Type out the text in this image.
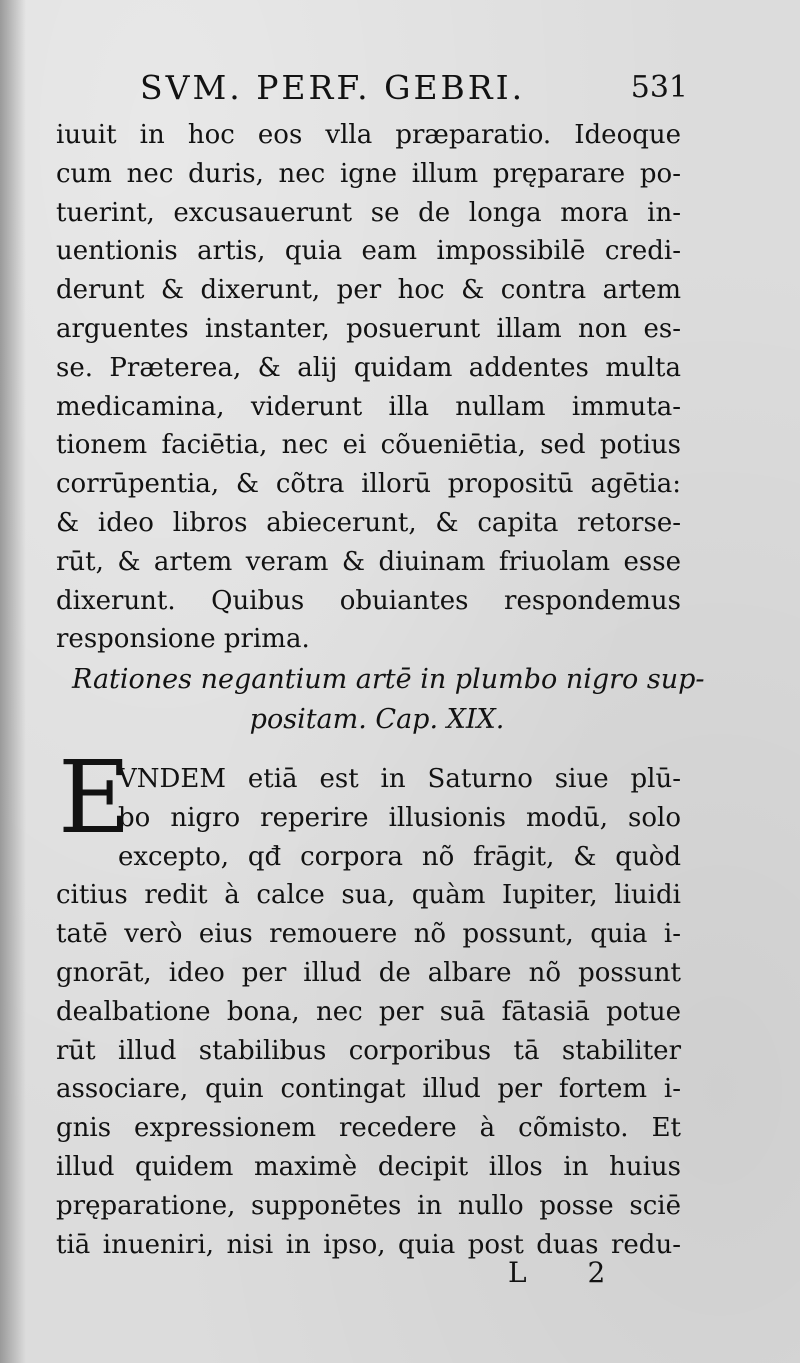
SVM. PERF. GEBRI.	531
iuuit in hoc eos vlla præparatio. Ideoque
cum nec duris, nec igne illum pręparare po-
tuerint, excusauerunt se de longa mora in-
uentionis artis, quia eam impossibilē credi-
derunt & dixerunt, per hoc & contra artem
arguentes instanter, posuerunt illam non es-
se. Præterea, & alij quidam addentes multa
medicamina, viderunt illa nullam immuta-
tionem faciētia, nec ei cõueniētia, sed potius
corrūpentia, & cõtra illorū propositū agētia:
& ideo libros abiecerunt, & capita retorse-
rūt, & artem veram & diuinam friuolam esse
dixerunt. Quibus obuiantes respondemus
responsione prima.
Rationes negantium artē in plumbo nigro sup-
positam. Cap. XIX.
E
VNDEM etiā est in Saturno siue plū-
bo nigro reperire illusionis modū, solo
excepto, qđ corpora nõ frāgit, & quòd
citius redit à calce sua, quàm Iupiter, liuidi
tatē verò eius remouere nõ possunt, quia i-
gnorāt, ideo per illud de albare nõ possunt
dealbatione bona, nec per suā fātasiā potue
rūt illud stabilibus corporibus tā stabiliter
associare, quin contingat illud per fortem i-
gnis expressionem recedere à cõmisto. Et
illud quidem maximè decipit illos in huius
pręparatione, supponētes in nullo posse sciē
tiā inueniri, nisi in ipso, quia post duas redu-
L 2
